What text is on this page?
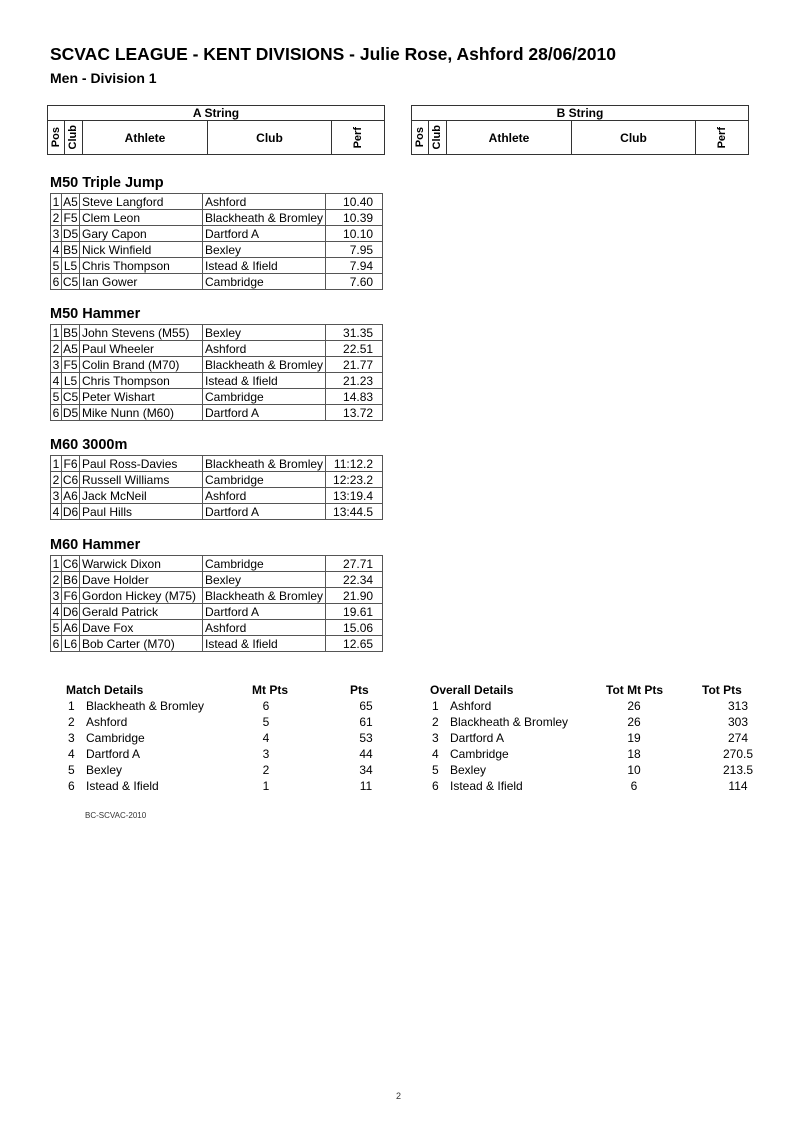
SCVAC LEAGUE - KENT DIVISIONS - Julie Rose, Ashford 28/06/2010
Men - Division 1
A String

Pos	Club	Athlete	Club	Perf
B String

Pos	Club	Athlete	Club	Perf
M50 Triple Jump
1	A5	Steve Langford	Ashford	10.40
2	F5	Clem Leon	Blackheath & Bromley	10.39
3	D5	Gary Capon	Dartford A	10.10
4	B5	Nick Winfield	Bexley	7.95
5	L5	Chris Thompson	Istead & Ifield	7.94
6	C5	Ian Gower	Cambridge	7.60
M50 Hammer
1	B5	John Stevens (M55)	Bexley	31.35
2	A5	Paul Wheeler	Ashford	22.51
3	F5	Colin Brand (M70)	Blackheath & Bromley	21.77
4	L5	Chris Thompson	Istead & Ifield	21.23
5	C5	Peter Wishart	Cambridge	14.83
6	D5	Mike Nunn (M60)	Dartford A	13.72
M60 3000m
1	F6	Paul Ross-Davies	Blackheath & Bromley	11:12.2
2	C6	Russell Williams	Cambridge	12:23.2
3	A6	Jack McNeil	Ashford	13:19.4
4	D6	Paul Hills	Dartford A	13:44.5
M60 Hammer
1	C6	Warwick Dixon	Cambridge	27.71
2	B6	Dave Holder	Bexley	22.34
3	F6	Gordon Hickey (M75)	Blackheath & Bromley	21.90
4	D6	Gerald Patrick	Dartford A	19.61
5	A6	Dave Fox	Ashford	15.06
6	L6	Bob Carter (M70)	Istead & Ifield	12.65
Match Details	Mt Pts	Pts
1 Blackheath & Bromley	6	65
2 Ashford	5	61
3 Cambridge	4	53
4 Dartford A	3	44
5 Bexley	2	34
6 Istead & Ifield	1	11
Overall Details	Tot Mt Pts	Tot Pts
1 Ashford	26	313
2 Blackheath & Bromley	26	303
3 Dartford A	19	274
4 Cambridge	18	270.5
5 Bexley	10	213.5
6 Istead & Ifield	6	114
BC-SCVAC-2010
2
